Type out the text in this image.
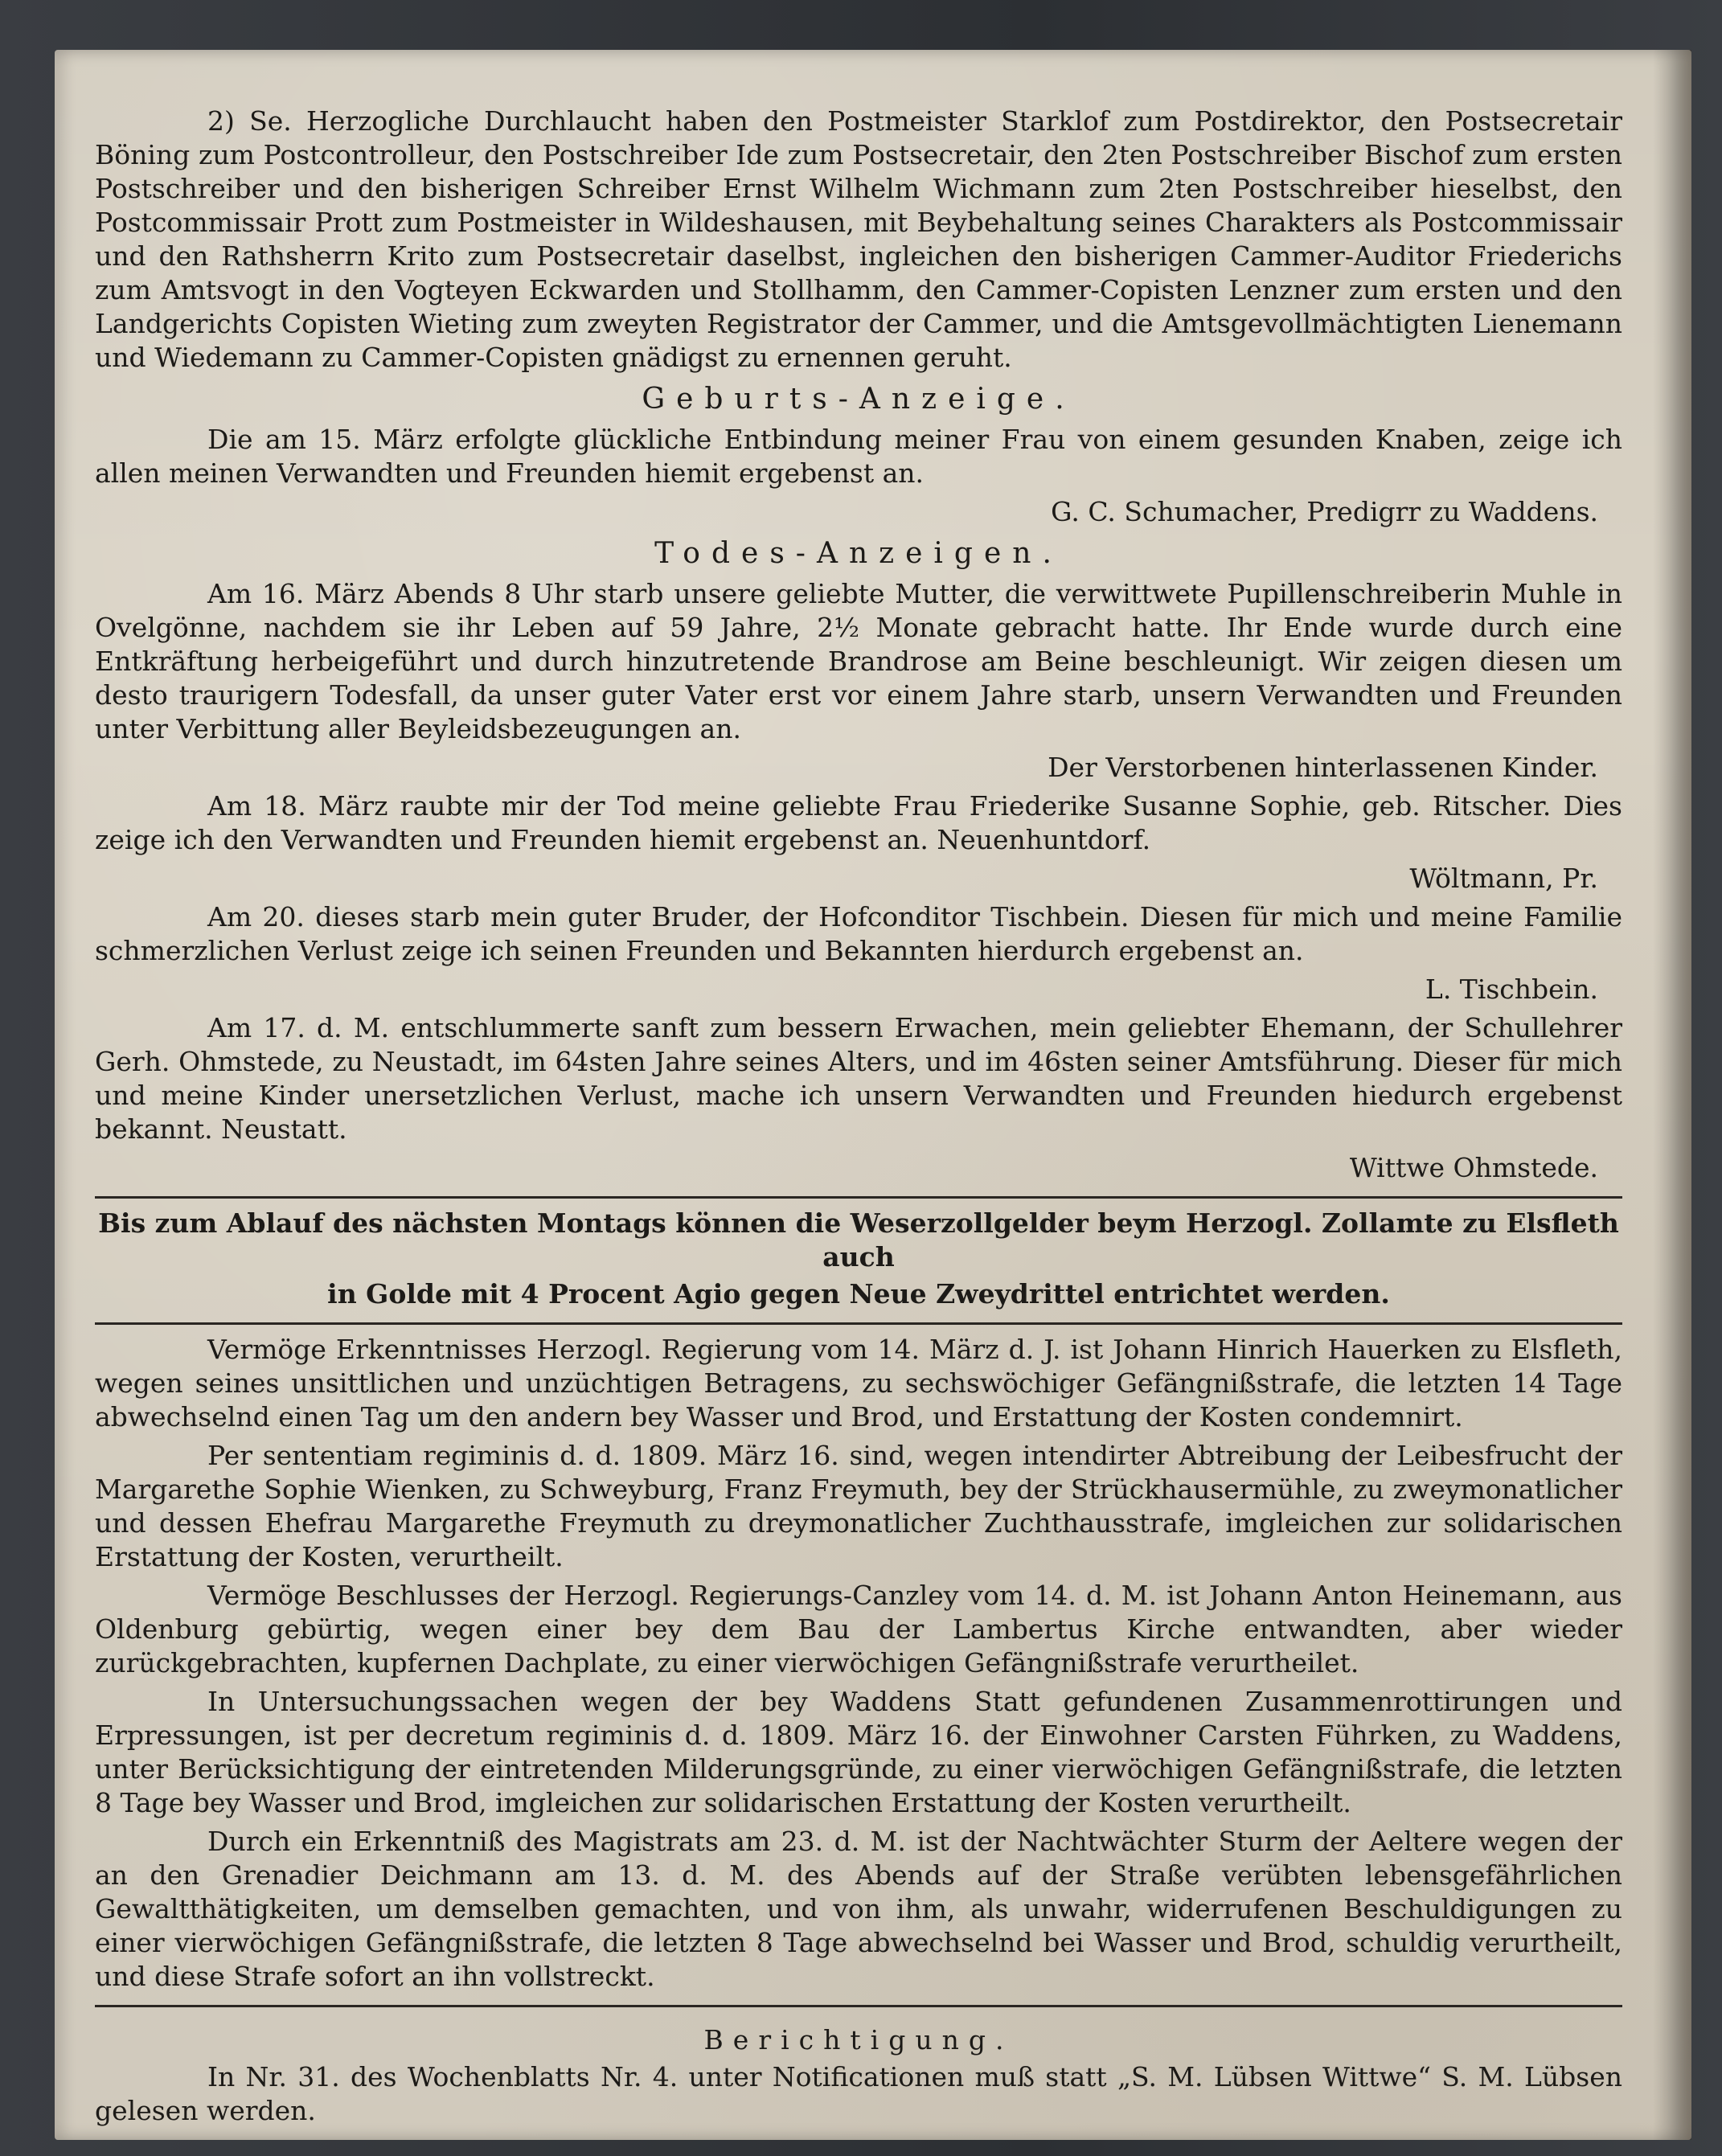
2) Se. Herzogliche Durchlaucht haben den Postmeister Starklof zum Postdirektor, den Postsecretair Böning zum Postcontrolleur, den Postschreiber Ide zum Postsecretair, den 2ten Postschreiber Bischof zum ersten Postschreiber und den bisherigen Schreiber Ernst Wilhelm Wichmann zum 2ten Postschreiber hieselbst, den Postcommissair Prott zum Postmeister in Wildeshausen, mit Beybehaltung seines Charakters als Postcommissair und den Rathsherrn Krito zum Postsecretair daselbst, ingleichen den bisherigen Cammer-Auditor Friederichs zum Amtsvogt in den Vogteyen Eckwarden und Stollhamm, den Cammer-Copisten Lenzner zum ersten und den Landgerichts Copisten Wieting zum zweyten Registrator der Cammer, und die Amtsgevollmächtigten Lienemann und Wiedemann zu Cammer-Copisten gnädigst zu ernennen geruht.

Geburts-Anzeige.

Die am 15. März erfolgte glückliche Entbindung meiner Frau von einem gesunden Knaben, zeige ich allen meinen Verwandten und Freunden hiemit ergebenst an.

G. C. Schumacher, Predigrr zu Waddens.

Todes-Anzeigen.

Am 16. März Abends 8 Uhr starb unsere geliebte Mutter, die verwittwete Pupillenschreiberin Muhle in Ovelgönne, nachdem sie ihr Leben auf 59 Jahre, 2½ Monate gebracht hatte. Ihr Ende wurde durch eine Entkräftung herbeigeführt und durch hinzutretende Brandrose am Beine beschleunigt. Wir zeigen diesen um desto traurigern Todesfall, da unser guter Vater erst vor einem Jahre starb, unsern Verwandten und Freunden unter Verbittung aller Beyleidsbezeugungen an.

Der Verstorbenen hinterlassenen Kinder.

Am 18. März raubte mir der Tod meine geliebte Frau Friederike Susanne Sophie, geb. Ritscher. Dies zeige ich den Verwandten und Freunden hiemit ergebenst an. Neuenhuntdorf.

Wöltmann, Pr.

Am 20. dieses starb mein guter Bruder, der Hofconditor Tischbein. Diesen für mich und meine Familie schmerzlichen Verlust zeige ich seinen Freunden und Bekannten hierdurch ergebenst an.

L. Tischbein.

Am 17. d. M. entschlummerte sanft zum bessern Erwachen, mein geliebter Ehemann, der Schullehrer Gerh. Ohmstede, zu Neustadt, im 64sten Jahre seines Alters, und im 46sten seiner Amtsführung. Dieser für mich und meine Kinder unersetzlichen Verlust, mache ich unsern Verwandten und Freunden hiedurch ergebenst bekannt. Neustatt.

Wittwe Ohmstede.

Bis zum Ablauf des nächsten Montags können die Weserzollgelder beym Herzogl. Zollamte zu Elsfleth auch

in Golde mit 4 Procent Agio gegen Neue Zweydrittel entrichtet werden.

Vermöge Erkenntnisses Herzogl. Regierung vom 14. März d. J. ist Johann Hinrich Hauerken zu Elsfleth, wegen seines unsittlichen und unzüchtigen Betragens, zu sechswöchiger Gefängnißstrafe, die letzten 14 Tage abwechselnd einen Tag um den andern bey Wasser und Brod, und Erstattung der Kosten condemnirt.

Per sententiam regiminis d. d. 1809. März 16. sind, wegen intendirter Abtreibung der Leibesfrucht der Margarethe Sophie Wienken, zu Schweyburg, Franz Freymuth, bey der Strückhausermühle, zu zweymonatlicher und dessen Ehefrau Margarethe Freymuth zu dreymonatlicher Zuchthausstrafe, imgleichen zur solidarischen Erstattung der Kosten, verurtheilt.

Vermöge Beschlusses der Herzogl. Regierungs-Canzley vom 14. d. M. ist Johann Anton Heinemann, aus Oldenburg gebürtig, wegen einer bey dem Bau der Lambertus Kirche entwandten, aber wieder zurückgebrachten, kupfernen Dachplate, zu einer vierwöchigen Gefängnißstrafe verurtheilet.

In Untersuchungssachen wegen der bey Waddens Statt gefundenen Zusammenrottirungen und Erpressungen, ist per decretum regiminis d. d. 1809. März 16. der Einwohner Carsten Führken, zu Waddens, unter Berücksichtigung der eintretenden Milderungsgründe, zu einer vierwöchigen Gefängnißstrafe, die letzten 8 Tage bey Wasser und Brod, imgleichen zur solidarischen Erstattung der Kosten verurtheilt.

Durch ein Erkenntniß des Magistrats am 23. d. M. ist der Nachtwächter Sturm der Aeltere wegen der an den Grenadier Deichmann am 13. d. M. des Abends auf der Straße verübten lebensgefährlichen Gewaltthätigkeiten, um demselben gemachten, und von ihm, als unwahr, widerrufenen Beschuldigungen zu einer vierwöchigen Gefängnißstrafe, die letzten 8 Tage abwechselnd bei Wasser und Brod, schuldig verurtheilt, und diese Strafe sofort an ihn vollstreckt.

Berichtigung.

In Nr. 31. des Wochenblatts Nr. 4. unter Notificationen muß statt „S. M. Lübsen Wittwe“ S. M. Lübsen gelesen werden.
